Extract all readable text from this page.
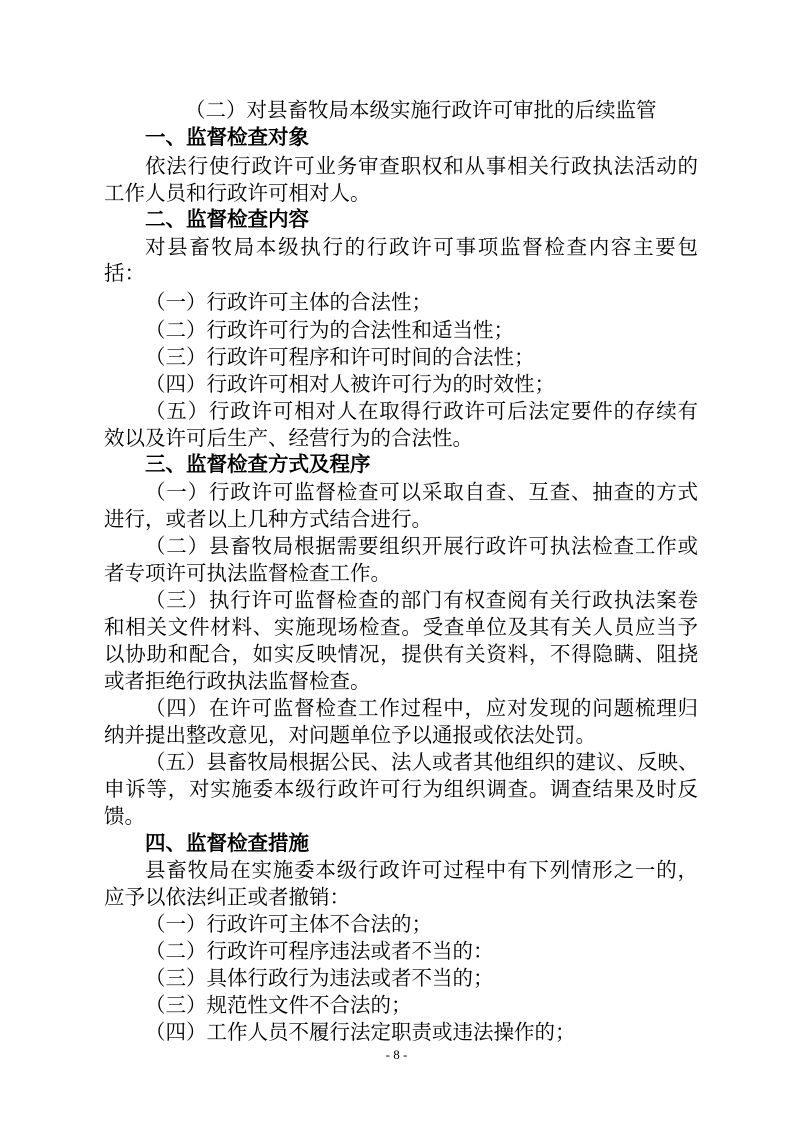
（二）对县畜牧局本级实施行政许可审批的后续监管
一、监督检查对象
依法行使行政许可业务审查职权和从事相关行政执法活动的
工作人员和行政许可相对人。
二、监督检查内容
对县畜牧局本级执行的行政许可事项监督检查内容主要包
括：
（一）行政许可主体的合法性；
（二）行政许可行为的合法性和适当性；
（三）行政许可程序和许可时间的合法性；
（四）行政许可相对人被许可行为的时效性；
（五）行政许可相对人在取得行政许可后法定要件的存续有
效以及许可后生产、经营行为的合法性。
三、监督检查方式及程序
（一）行政许可监督检查可以采取自查、互查、抽查的方式
进行，或者以上几种方式结合进行。
（二）县畜牧局根据需要组织开展行政许可执法检查工作或
者专项许可执法监督检查工作。
（三）执行许可监督检查的部门有权查阅有关行政执法案卷
和相关文件材料、实施现场检查。受查单位及其有关人员应当予
以协助和配合，如实反映情况，提供有关资料，不得隐瞒、阻挠
或者拒绝行政执法监督检查。
（四）在许可监督检查工作过程中，应对发现的问题梳理归
纳并提出整改意见，对问题单位予以通报或依法处罚。
（五）县畜牧局根据公民、法人或者其他组织的建议、反映、
申诉等，对实施委本级行政许可行为组织调查。调查结果及时反
馈。
四、监督检查措施
县畜牧局在实施委本级行政许可过程中有下列情形之一的，
应予以依法纠正或者撤销：
（一）行政许可主体不合法的；
（二）行政许可程序违法或者不当的：
（三）具体行政行为违法或者不当的；
（三）规范性文件不合法的；
（四）工作人员不履行法定职责或违法操作的；
- 8 -
